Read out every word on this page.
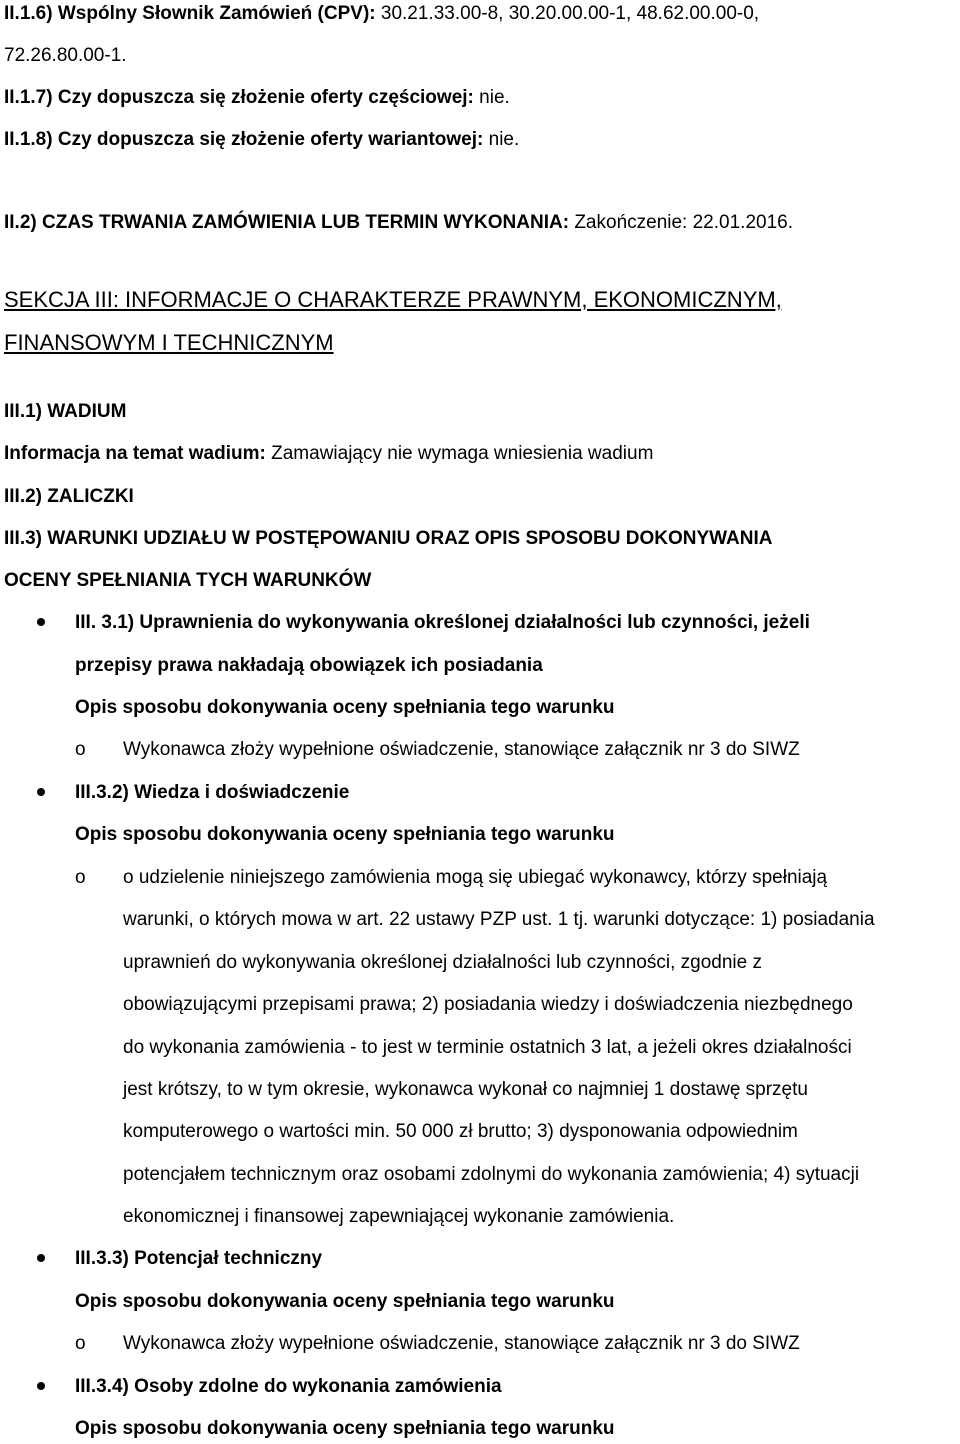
II.1.6) Wspólny Słownik Zamówień (CPV): 30.21.33.00-8, 30.20.00.00-1, 48.62.00.00-0,
72.26.80.00-1.
II.1.7) Czy dopuszcza się złożenie oferty częściowej: nie.
II.1.8) Czy dopuszcza się złożenie oferty wariantowej: nie.
II.2) CZAS TRWANIA ZAMÓWIENIA LUB TERMIN WYKONANIA: Zakończenie: 22.01.2016.
SEKCJA III: INFORMACJE O CHARAKTERZE PRAWNYM, EKONOMICZNYM,
FINANSOWYM I TECHNICZNYM
III.1) WADIUM
Informacja na temat wadium: Zamawiający nie wymaga wniesienia wadium
III.2) ZALICZKI
III.3) WARUNKI UDZIAŁU W POSTĘPOWANIU ORAZ OPIS SPOSOBU DOKONYWANIA
OCENY SPEŁNIANIA TYCH WARUNKÓW
III. 3.1) Uprawnienia do wykonywania określonej działalności lub czynności, jeżeli
przepisy prawa nakładają obowiązek ich posiadania
Opis sposobu dokonywania oceny spełniania tego warunku
o Wykonawca złoży wypełnione oświadczenie, stanowiące załącznik nr 3 do SIWZ
III.3.2) Wiedza i doświadczenie
Opis sposobu dokonywania oceny spełniania tego warunku
o o udzielenie niniejszego zamówienia mogą się ubiegać wykonawcy, którzy spełniają
warunki, o których mowa w art. 22 ustawy PZP ust. 1 tj. warunki dotyczące: 1) posiadania
uprawnień do wykonywania określonej działalności lub czynności, zgodnie z
obowiązującymi przepisami prawa; 2) posiadania wiedzy i doświadczenia niezbędnego
do wykonania zamówienia - to jest w terminie ostatnich 3 lat, a jeżeli okres działalności
jest krótszy, to w tym okresie, wykonawca wykonał co najmniej 1 dostawę sprzętu
komputerowego o wartości min. 50 000 zł brutto; 3) dysponowania odpowiednim
potencjałem technicznym oraz osobami zdolnymi do wykonania zamówienia; 4) sytuacji
ekonomicznej i finansowej zapewniającej wykonanie zamówienia.
III.3.3) Potencjał techniczny
Opis sposobu dokonywania oceny spełniania tego warunku
o Wykonawca złoży wypełnione oświadczenie, stanowiące załącznik nr 3 do SIWZ
III.3.4) Osoby zdolne do wykonania zamówienia
Opis sposobu dokonywania oceny spełniania tego warunku
